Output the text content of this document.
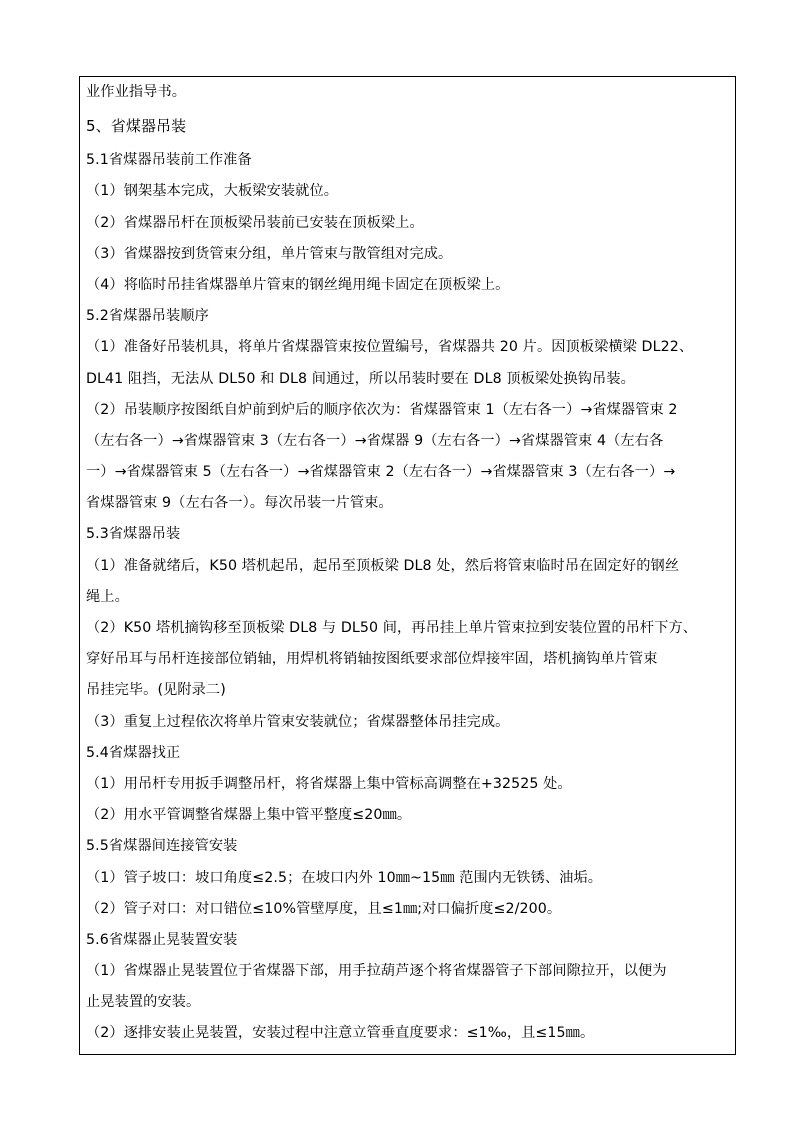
业作业指导书。
5、省煤器吊装
5.1省煤器吊装前工作准备
（1）钢架基本完成，大板梁安装就位。
（2）省煤器吊杆在顶板梁吊装前已安装在顶板梁上。
（3）省煤器按到货管束分组，单片管束与散管组对完成。
（4）将临时吊挂省煤器单片管束的钢丝绳用绳卡固定在顶板梁上。
5.2省煤器吊装顺序
（1）准备好吊装机具，将单片省煤器管束按位置编号，省煤器共 20 片。因顶板梁横梁 DL22、
DL41 阻挡，无法从 DL50 和 DL8 间通过，所以吊装时要在 DL8 顶板梁处换钩吊装。
（2）吊装顺序按图纸自炉前到炉后的顺序依次为：省煤器管束 1（左右各一）→省煤器管束 2
（左右各一）→省煤器管束 3（左右各一）→省煤器 9（左右各一）→省煤器管束 4（左右各
一）→省煤器管束 5（左右各一）→省煤器管束 2（左右各一）→省煤器管束 3（左右各一）→
省煤器管束 9（左右各一）。每次吊装一片管束。
5.3省煤器吊装
（1）准备就绪后，K50 塔机起吊，起吊至顶板梁 DL8 处，然后将管束临时吊在固定好的钢丝
绳上。
（2）K50 塔机摘钩移至顶板梁 DL8 与 DL50 间，再吊挂上单片管束拉到安装位置的吊杆下方、
穿好吊耳与吊杆连接部位销轴，用焊机将销轴按图纸要求部位焊接牢固，塔机摘钩单片管束
吊挂完毕。(见附录二)
（3）重复上过程依次将单片管束安装就位；省煤器整体吊挂完成。
5.4省煤器找正
（1）用吊杆专用扳手调整吊杆，将省煤器上集中管标高调整在+32525 处。
（2）用水平管调整省煤器上集中管平整度≤20㎜。
5.5省煤器间连接管安装
（1）管子坡口：坡口角度≤2.5；在坡口内外 10㎜~15㎜ 范围内无铁锈、油垢。
（2）管子对口：对口错位≤10%管壁厚度，且≤1㎜;对口偏折度≤2/200。
5.6省煤器止晃装置安装
（1）省煤器止晃装置位于省煤器下部，用手拉葫芦逐个将省煤器管子下部间隙拉开，以便为
止晃装置的安装。
（2）逐排安装止晃装置，安装过程中注意立管垂直度要求：≤1‰，且≤15㎜。
